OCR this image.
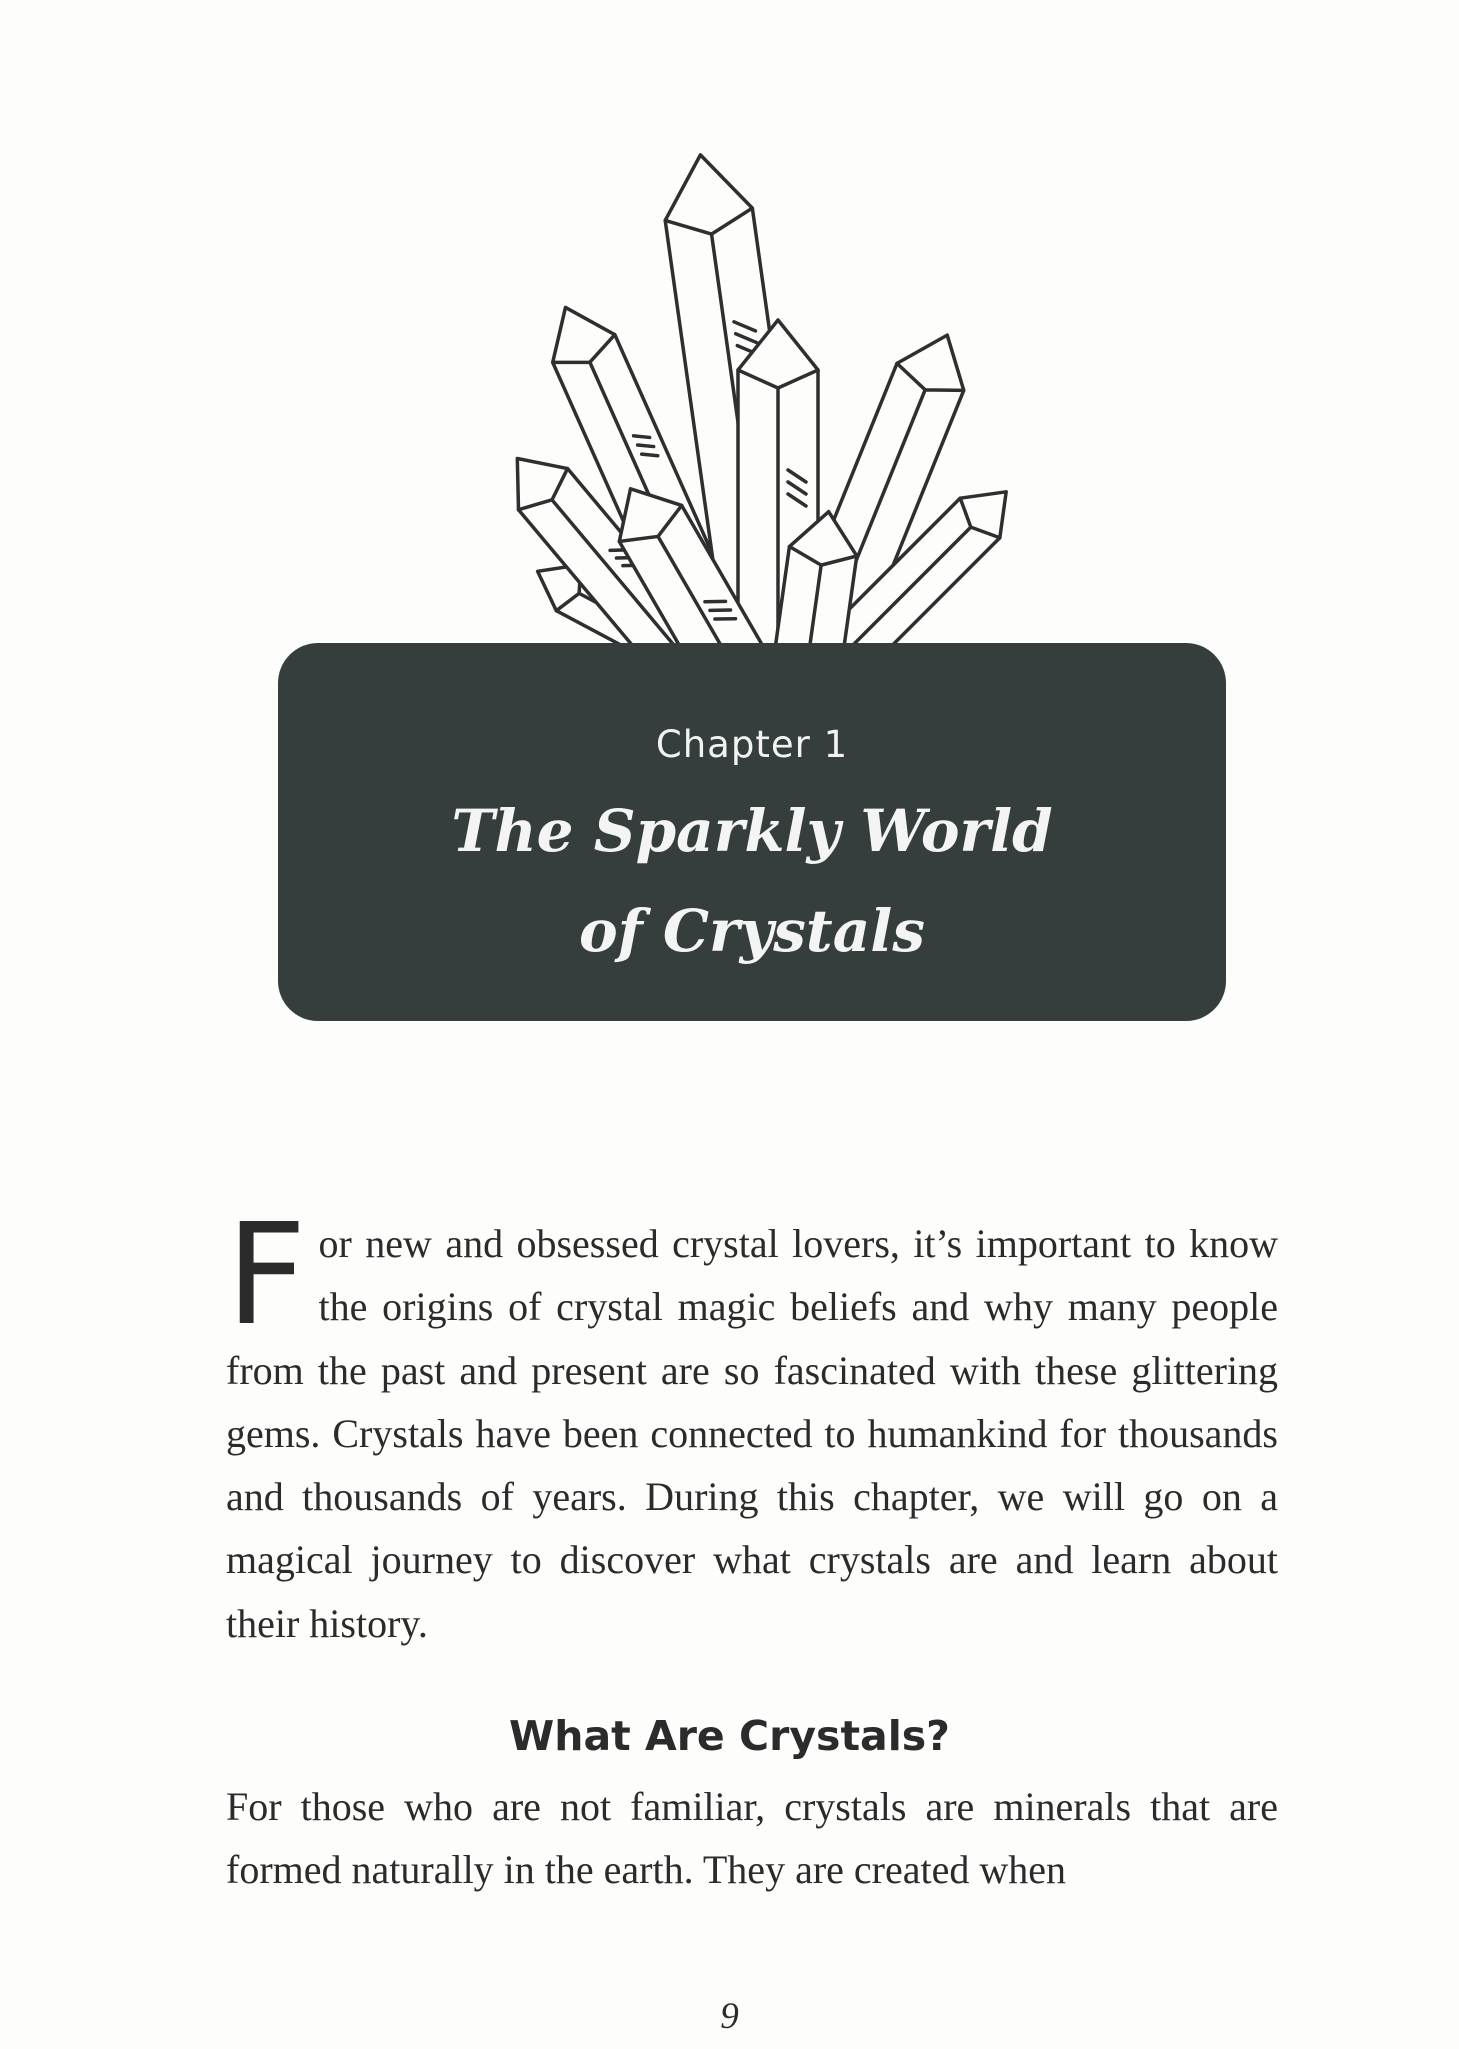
Chapter 1
The Sparkly World
of Crystals

For new and obsessed crystal lovers, it’s important to know the origins of crystal magic beliefs and why many people from the past and present are so fascinated with these glittering gems. Crystals have been connected to humankind for thousands and thousands of years. During this chapter, we will go on a magical journey to discover what crystals are and learn about their history.

What Are Crystals?

For those who are not familiar, crystals are minerals that are formed naturally in the earth. They are created when

9
